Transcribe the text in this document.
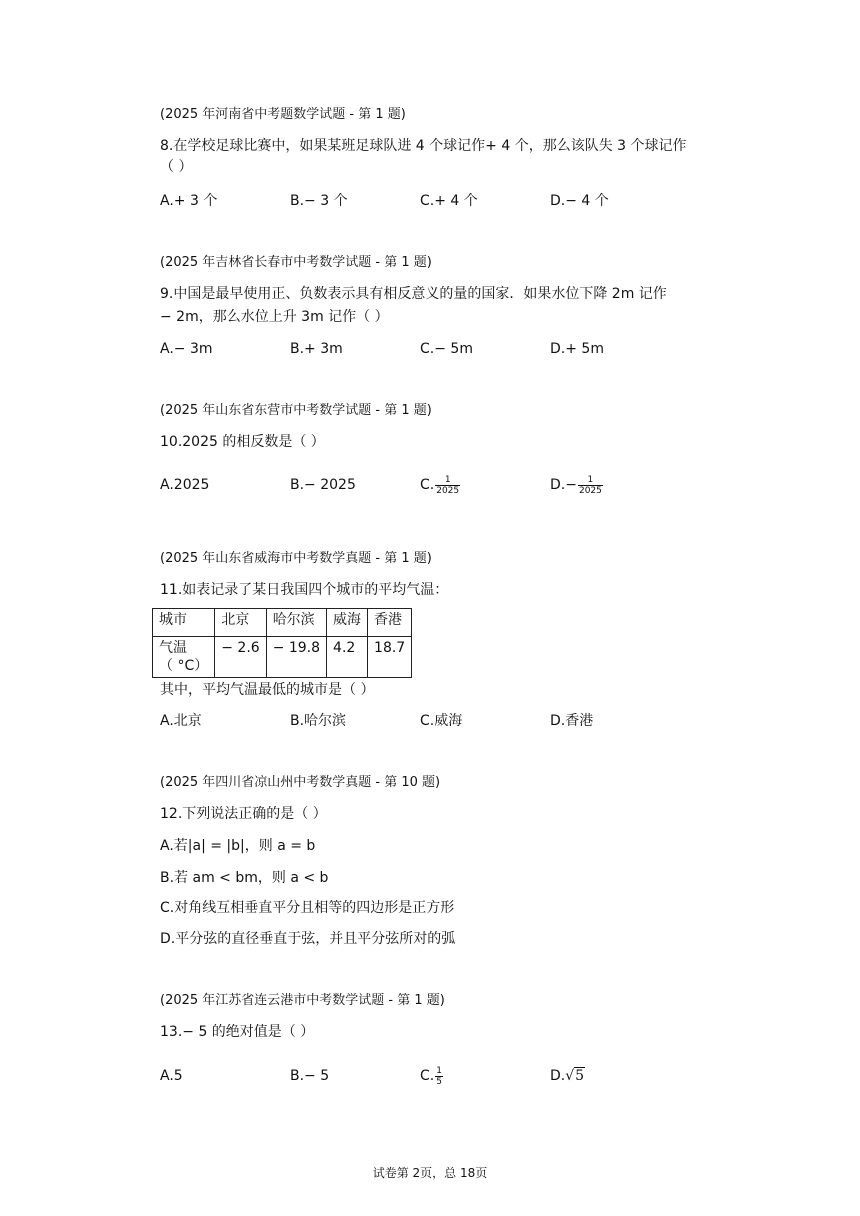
(2025 年河南省中考题数学试题 - 第 1 题)
8.在学校足球比赛中，如果某班足球队进 4 个球记作+ 4 个，那么该队失 3 个球记作
（ ）
A.+ 3 个	B.− 3 个	C.+ 4 个	D.− 4 个
(2025 年吉林省长春市中考数学试题 - 第 1 题)
9.中国是最早使用正、负数表示具有相反意义的量的国家．如果水位下降 2m 记作
− 2m，那么水位上升 3m 记作（ ）
A.− 3m	B.+ 3m	C.− 5m	D.+ 5m
(2025 年山东省东营市中考数学试题 - 第 1 题)
10.2025 的相反数是（ ）
A.2025	B.− 2025	C. $\frac{1}{2025}$	$D.- \frac{1}{2025}$
(2025 年山东省威海市中考数学真题 - 第 1 题)
11.如表记录了某日我国四个城市的平均气温：
城市	北京	哈尔滨	威海	香港

气温
（ °C）	− 2.6	− 19.8	4.2	18.7
其中，平均气温最低的城市是（ ）
A.北京	B.哈尔滨	C.威海	D.香港
(2025 年四川省凉山州中考数学真题 - 第 10 题)
12.下列说法正确的是（ ）
A.若|a| = |b|，则 a = b
B.若 am < bm，则 a < b
C.对角线互相垂直平分且相等的四边形是正方形
D.平分弦的直径垂直于弦，并且平分弦所对的弧
(2025 年江苏省连云港市中考数学试题 - 第 1 题)
13.− 5 的绝对值是（ ）
A.5	B.− 5	C. $\frac{1}{5}$	D.√5
试卷第 2页，总 18页
